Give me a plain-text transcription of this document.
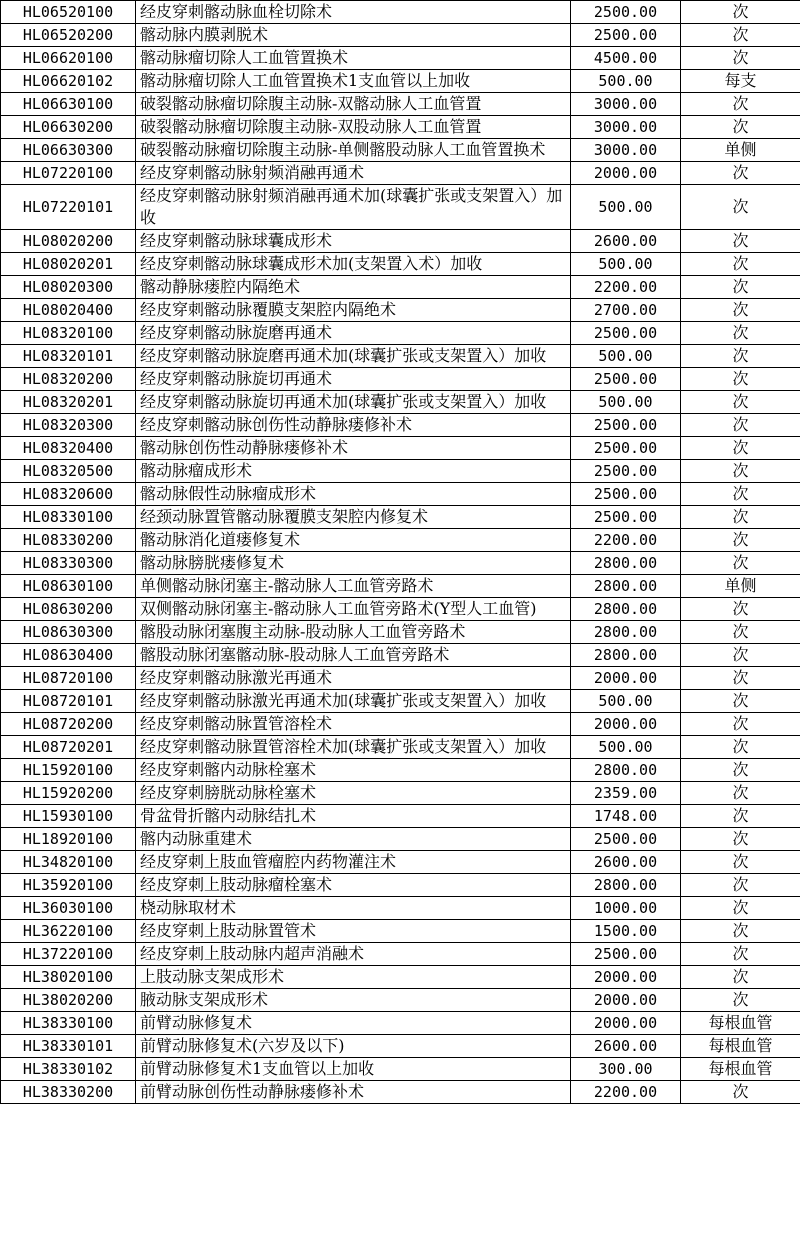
HL06520100	经皮穿刺髂动脉血栓切除术	2500.00	次
HL06520200	髂动脉内膜剥脱术	2500.00	次
HL06620100	髂动脉瘤切除人工血管置换术	4500.00	次
HL06620102	髂动脉瘤切除人工血管置换术1支血管以上加收	500.00	每支
HL06630100	破裂髂动脉瘤切除腹主动脉-双髂动脉人工血管置	3000.00	次
HL06630200	破裂髂动脉瘤切除腹主动脉-双股动脉人工血管置	3000.00	次
HL06630300	破裂髂动脉瘤切除腹主动脉-单侧髂股动脉人工血管置换术	3000.00	单侧
HL07220100	经皮穿刺髂动脉射频消融再通术	2000.00	次
HL07220101	经皮穿刺髂动脉射频消融再通术加(球囊扩张或支架置入）加收	500.00	次
HL08020200	经皮穿刺髂动脉球囊成形术	2600.00	次
HL08020201	经皮穿刺髂动脉球囊成形术加(支架置入术）加收	500.00	次
HL08020300	髂动静脉瘘腔内隔绝术	2200.00	次
HL08020400	经皮穿刺髂动脉覆膜支架腔内隔绝术	2700.00	次
HL08320100	经皮穿刺髂动脉旋磨再通术	2500.00	次
HL08320101	经皮穿刺髂动脉旋磨再通术加(球囊扩张或支架置入）加收	500.00	次
HL08320200	经皮穿刺髂动脉旋切再通术	2500.00	次
HL08320201	经皮穿刺髂动脉旋切再通术加(球囊扩张或支架置入）加收	500.00	次
HL08320300	经皮穿刺髂动脉创伤性动静脉瘘修补术	2500.00	次
HL08320400	髂动脉创伤性动静脉瘘修补术	2500.00	次
HL08320500	髂动脉瘤成形术	2500.00	次
HL08320600	髂动脉假性动脉瘤成形术	2500.00	次
HL08330100	经颈动脉置管髂动脉覆膜支架腔内修复术	2500.00	次
HL08330200	髂动脉消化道瘘修复术	2200.00	次
HL08330300	髂动脉膀胱瘘修复术	2800.00	次
HL08630100	单侧髂动脉闭塞主-髂动脉人工血管旁路术	2800.00	单侧
HL08630200	双侧髂动脉闭塞主-髂动脉人工血管旁路术(Y型人工血管)	2800.00	次
HL08630300	髂股动脉闭塞腹主动脉-股动脉人工血管旁路术	2800.00	次
HL08630400	髂股动脉闭塞髂动脉-股动脉人工血管旁路术	2800.00	次
HL08720100	经皮穿刺髂动脉激光再通术	2000.00	次
HL08720101	经皮穿刺髂动脉激光再通术加(球囊扩张或支架置入）加收	500.00	次
HL08720200	经皮穿刺髂动脉置管溶栓术	2000.00	次
HL08720201	经皮穿刺髂动脉置管溶栓术加(球囊扩张或支架置入）加收	500.00	次
HL15920100	经皮穿刺髂内动脉栓塞术	2800.00	次
HL15920200	经皮穿刺膀胱动脉栓塞术	2359.00	次
HL15930100	骨盆骨折髂内动脉结扎术	1748.00	次
HL18920100	髂内动脉重建术	2500.00	次
HL34820100	经皮穿刺上肢血管瘤腔内药物灌注术	2600.00	次
HL35920100	经皮穿刺上肢动脉瘤栓塞术	2800.00	次
HL36030100	桡动脉取材术	1000.00	次
HL36220100	经皮穿刺上肢动脉置管术	1500.00	次
HL37220100	经皮穿刺上肢动脉内超声消融术	2500.00	次
HL38020100	上肢动脉支架成形术	2000.00	次
HL38020200	腋动脉支架成形术	2000.00	次
HL38330100	前臂动脉修复术	2000.00	每根血管
HL38330101	前臂动脉修复术(六岁及以下)	2600.00	每根血管
HL38330102	前臂动脉修复术1支血管以上加收	300.00	每根血管
HL38330200	前臂动脉创伤性动静脉瘘修补术	2200.00	次
